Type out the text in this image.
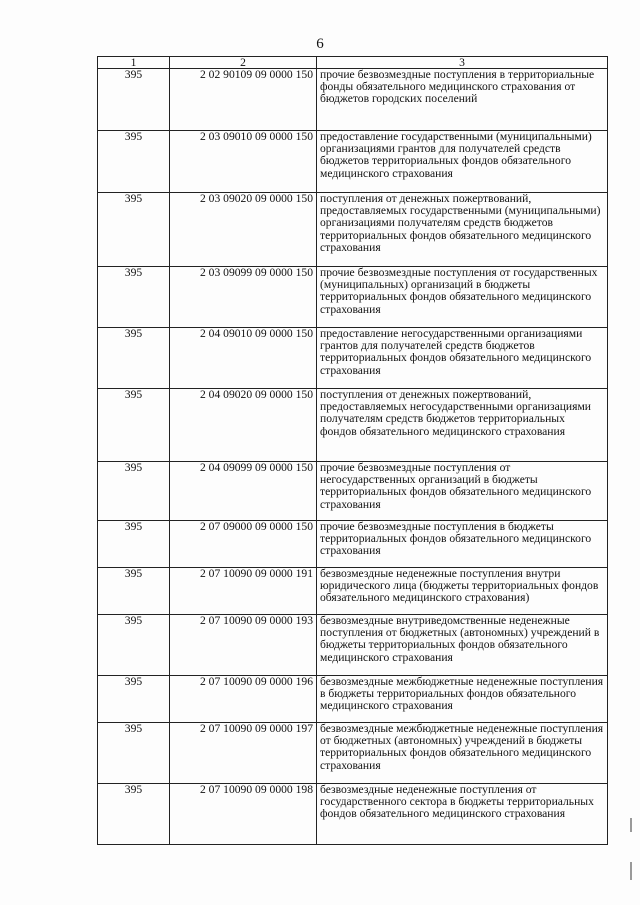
6
1	2	3
395	2 02 90109 09 0000 150	прочие безвозмездные поступления в территориальные фонды обязательного медицинского страхования от бюджетов городских поселений
395	2 03 09010 09 0000 150	предоставление государственными (муниципальными) организациями грантов для получателей средств бюджетов территориальных фондов обязательного медицинского страхования
395	2 03 09020 09 0000 150	поступления от денежных пожертвований, предоставляемых государственными (муниципальными) организациями получателям средств бюджетов территориальных фондов обязательного медицинского страхования
395	2 03 09099 09 0000 150	прочие безвозмездные поступления от государственных (муниципальных) организаций в бюджеты территориальных фондов обязательного медицинского страхования
395	2 04 09010 09 0000 150	предоставление негосударственными организациями грантов для получателей средств бюджетов территориальных фондов обязательного медицинского страхования
395	2 04 09020 09 0000 150	поступления от денежных пожертвований, предоставляемых негосударственными организациями получателям средств бюджетов территориальных фондов обязательного медицинского страхования
395	2 04 09099 09 0000 150	прочие безвозмездные поступления от негосударственных организаций в бюджеты территориальных фондов обязательного медицинского страхования
395	2 07 09000 09 0000 150	прочие безвозмездные поступления в бюджеты территориальных фондов обязательного медицинского страхования
395	2 07 10090 09 0000 191	безвозмездные неденежные поступления внутри юридического лица (бюджеты территориальных фондов обязательного медицинского страхования)
395	2 07 10090 09 0000 193	безвозмездные внутриведомственные неденежные поступления от бюджетных (автономных) учреждений в бюджеты территориальных фондов обязательного медицинского страхования
395	2 07 10090 09 0000 196	безвозмездные межбюджетные неденежные поступления в бюджеты территориальных фондов обязательного медицинского страхования
395	2 07 10090 09 0000 197	безвозмездные межбюджетные неденежные поступления от бюджетных (автономных) учреждений в бюджеты территориальных фондов обязательного медицинского страхования
395	2 07 10090 09 0000 198	безвозмездные неденежные поступления от государственного сектора в бюджеты территориальных фондов обязательного медицинского страхования
